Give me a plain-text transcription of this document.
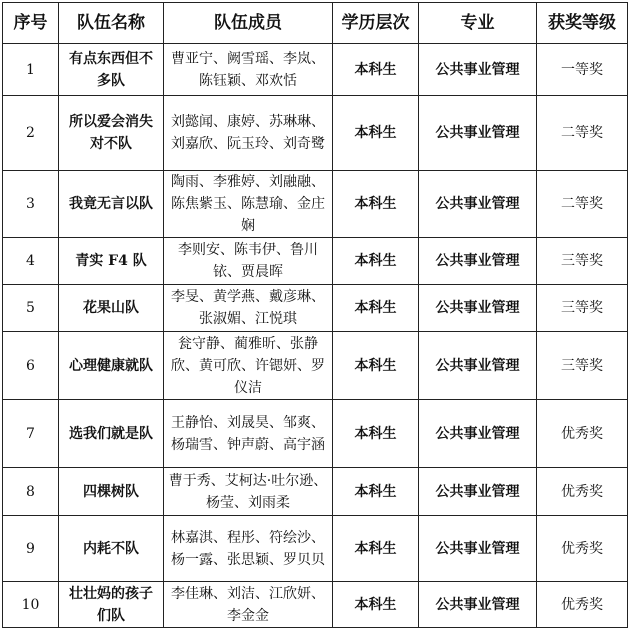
序号	队伍名称	队伍成员	学历层次	专业	获奖等级
1	有点东西但不多队	曹亚宁、阙雪瑶、李岚、陈钰颖、邓欢恬	本科生	公共事业管理	一等奖
2	所以爱会消失对不队	刘懿闻、康婷、苏琳琳、刘嘉欣、阮玉玲、刘奇鹭	本科生	公共事业管理	二等奖
3	我竟无言以队	陶雨、李雅婷、刘融融、陈焦紫玉、陈慧瑜、金庄娴	本科生	公共事业管理	二等奖
4	青实 F4 队	李则安、陈韦伊、鲁川铱、贾晨晖	本科生	公共事业管理	三等奖
5	花果山队	李旻、黄学燕、戴彦琳、张淑媚、江悦琪	本科生	公共事业管理	三等奖
6	心理健康就队	瓮守静、蔺雅昕、张静欣、黄可欣、许锶妍、罗仪洁	本科生	公共事业管理	三等奖
7	选我们就是队	王静怡、刘晟昊、邹爽、杨瑞雪、钟声蔚、高宇涵	本科生	公共事业管理	优秀奖
8	四棵树队	曹于秀、艾柯达·吐尔逊、杨莹、刘雨柔	本科生	公共事业管理	优秀奖
9	内耗不队	林嘉淇、程彤、符绘沙、杨一露、张思颖、罗贝贝	本科生	公共事业管理	优秀奖
10	壮壮妈的孩子们队	李佳琳、刘洁、江欣妍、李金金	本科生	公共事业管理	优秀奖
